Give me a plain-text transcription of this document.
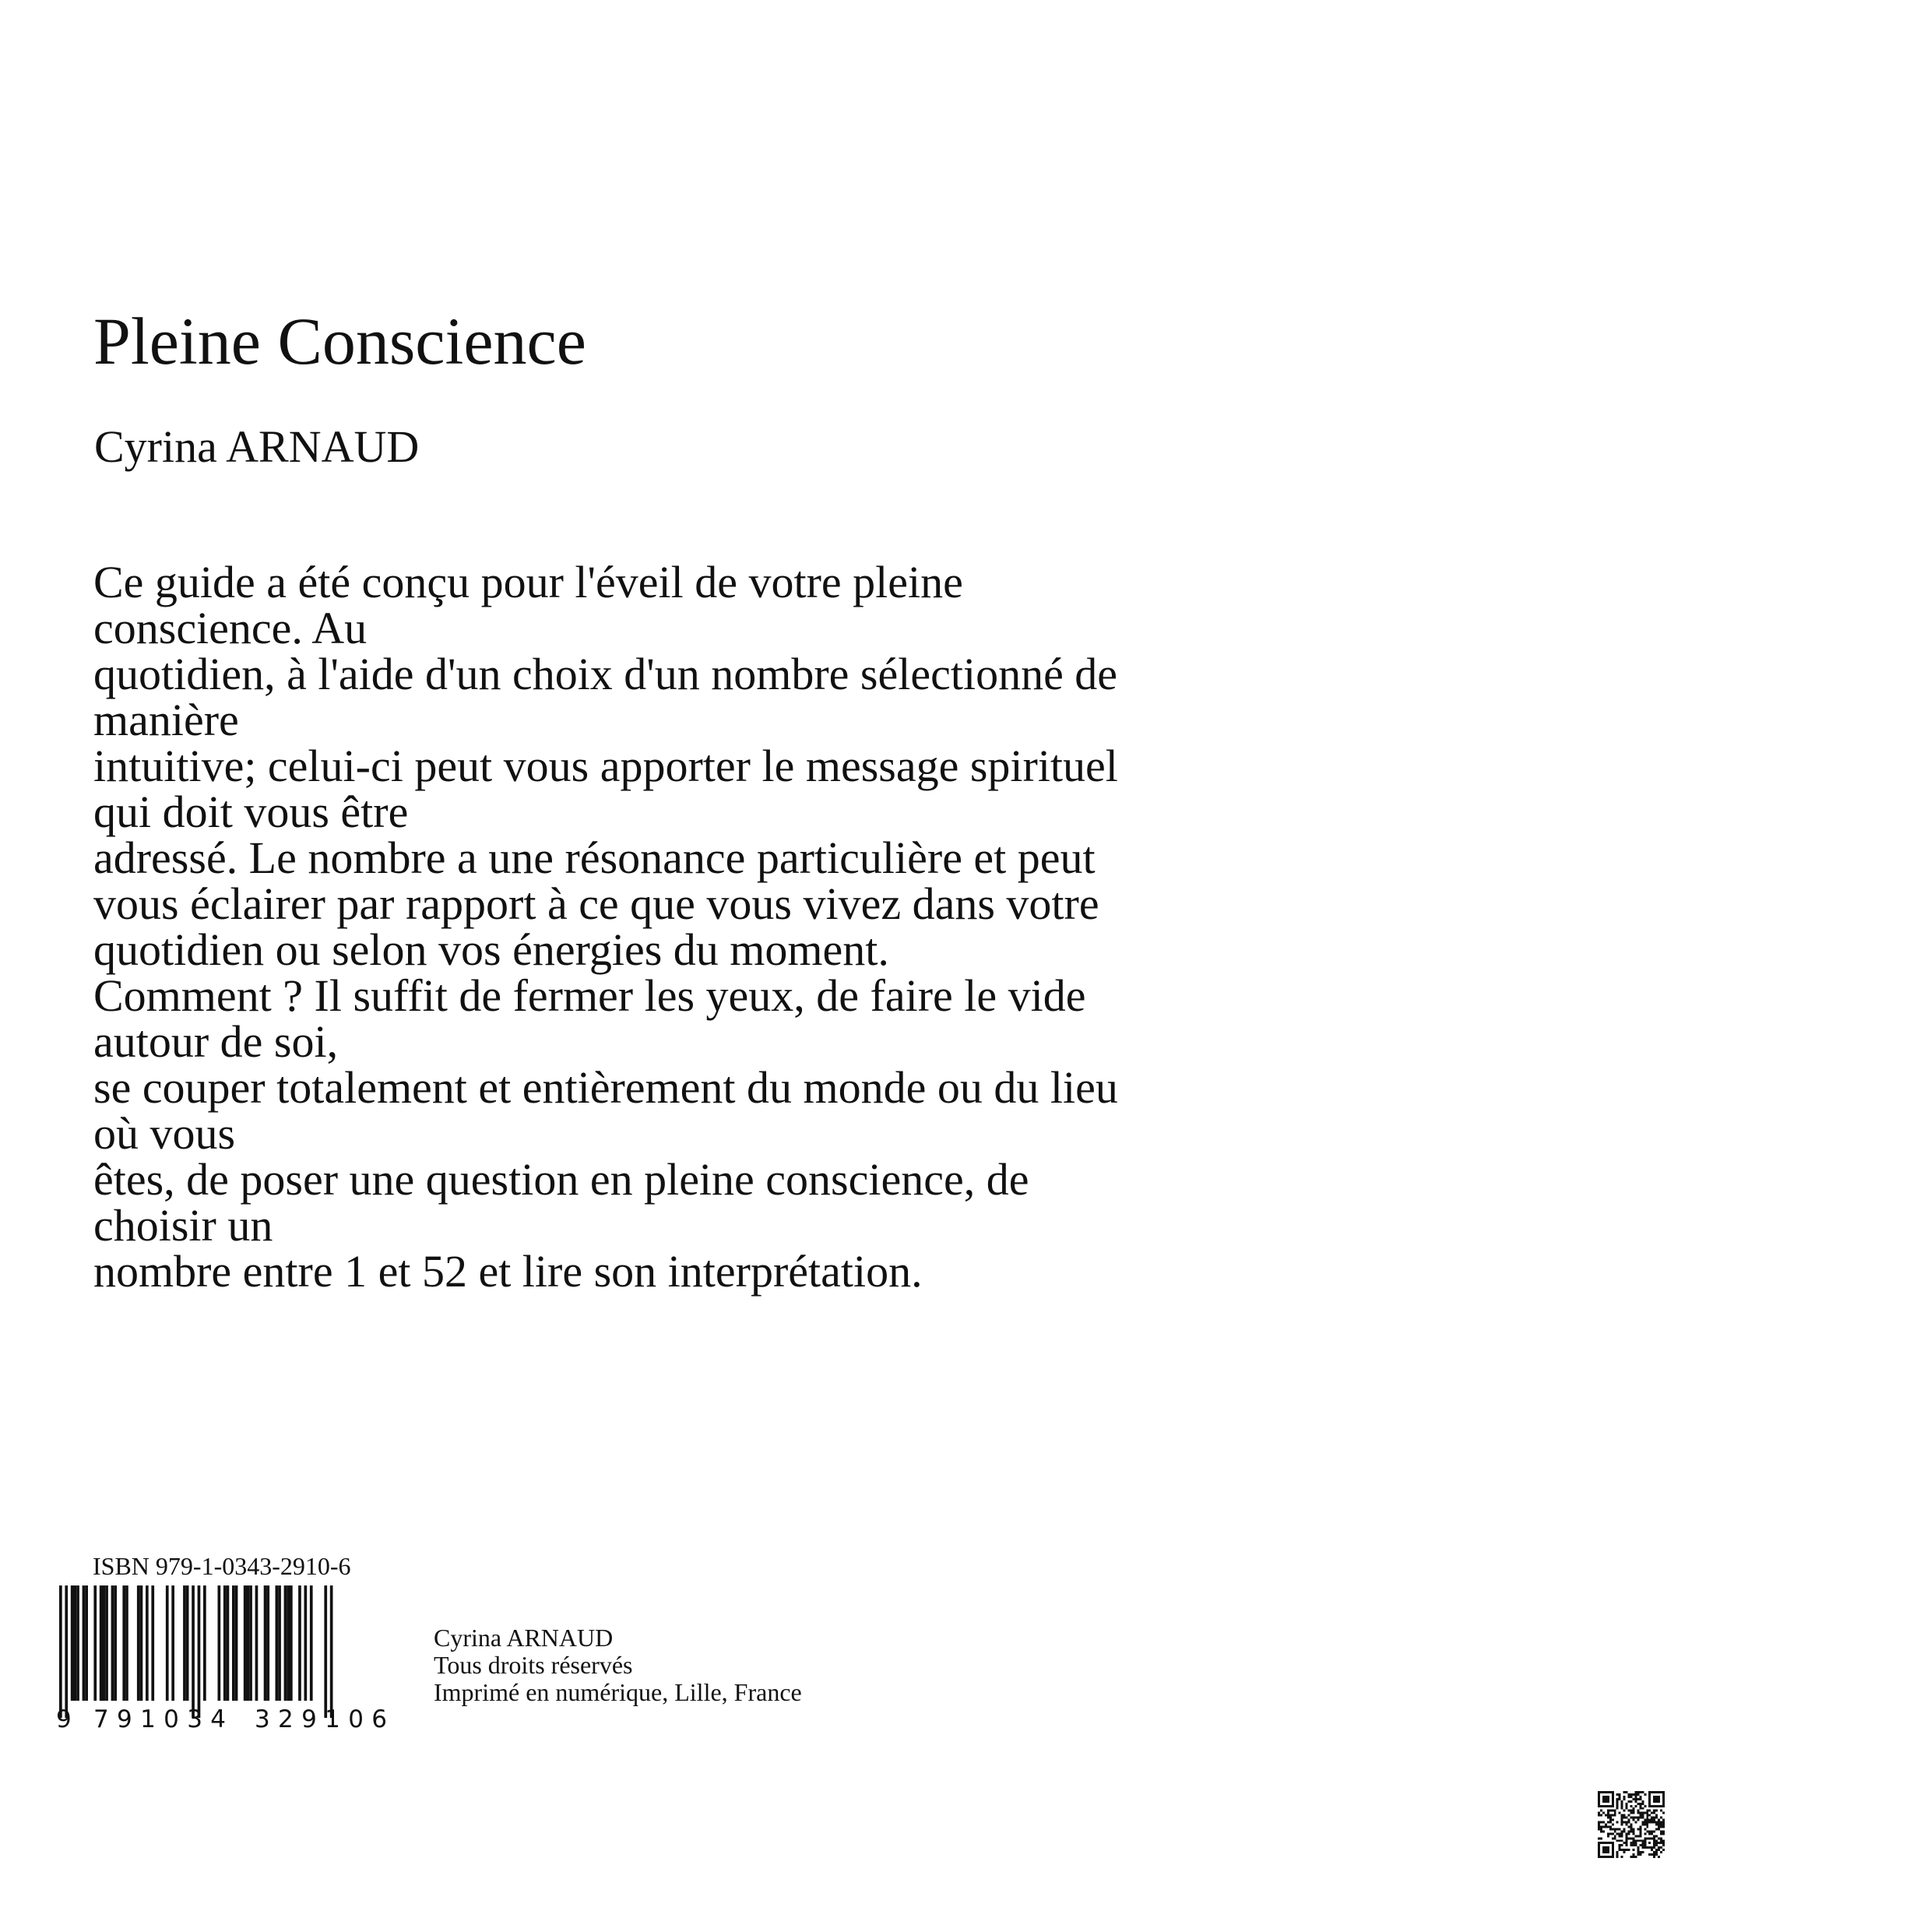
Pleine Conscience
Cyrina ARNAUD
Ce guide a été conçu pour l'éveil de votre pleine
conscience. Au
quotidien, à l'aide d'un choix d'un nombre sélectionné de
manière
intuitive; celui-ci peut vous apporter le message spirituel
qui doit vous être
adressé. Le nombre a une résonance particulière et peut
vous éclairer par rapport à ce que vous vivez dans votre
quotidien ou selon vos énergies du moment.
Comment ? Il suffit de fermer les yeux, de faire le vide
autour de soi,
se couper totalement et entièrement du monde ou du lieu
où vous
êtes, de poser une question en pleine conscience, de
choisir un
nombre entre 1 et 52 et lire son interprétation.
ISBN 979-1-0343-2910-6
9 791034 329106
Cyrina ARNAUD
Tous droits réservés
Imprimé en numérique, Lille, France
